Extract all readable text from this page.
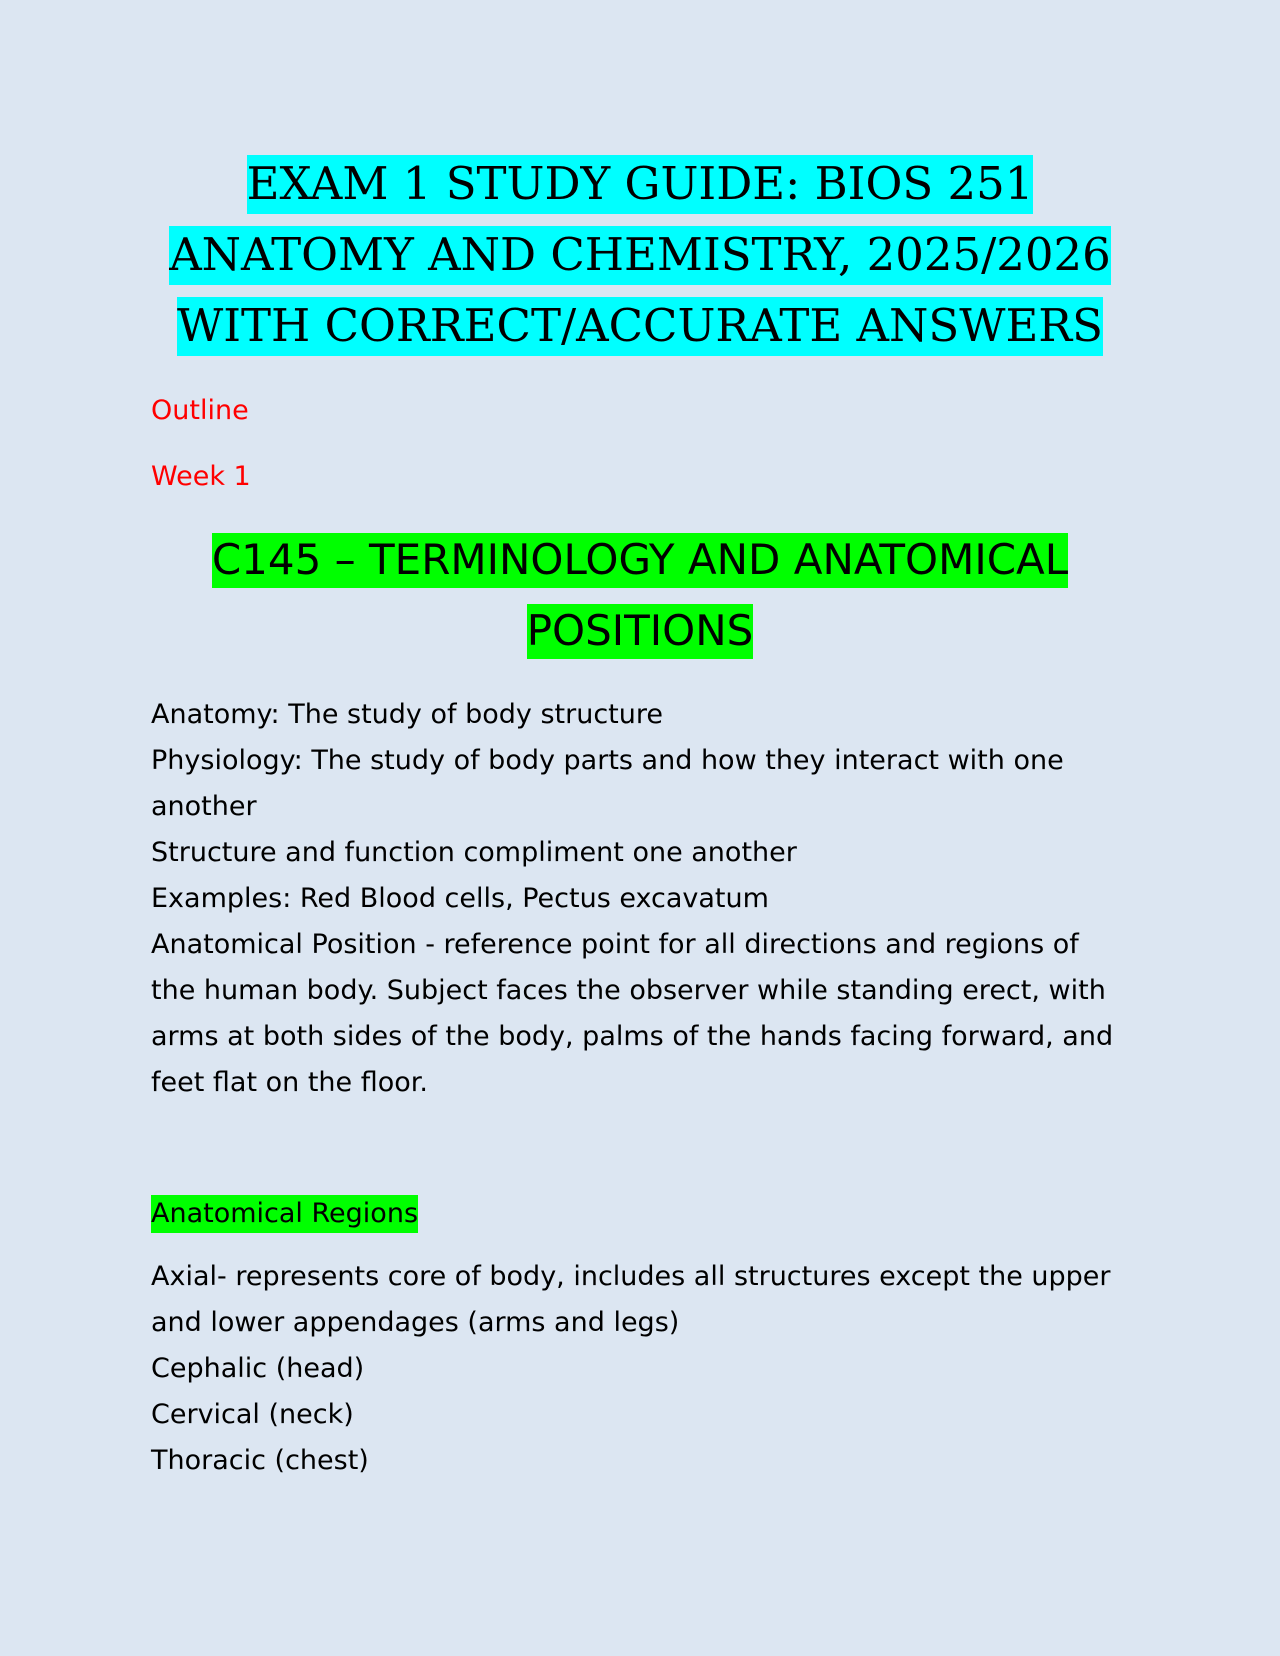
EXAM 1 STUDY GUIDE: BIOS 251 ANATOMY AND CHEMISTRY, 2025/2026 WITH CORRECT/ACCURATE ANSWERS

Outline

Week 1

C145 – TERMINOLOGY AND ANATOMICAL POSITIONS
Anatomy: The study of body structure
Physiology: The study of body parts and how they interact with one another
Structure and function compliment one another
Examples: Red Blood cells, Pectus excavatum
Anatomical Position - reference point for all directions and regions of the human body. Subject faces the observer while standing erect, with arms at both sides of the body, palms of the hands facing forward, and feet flat on the floor.
Anatomical Regions
Axial- represents core of body, includes all structures except the upper and lower appendages (arms and legs)
Cephalic (head)
Cervical (neck)
Thoracic (chest)
